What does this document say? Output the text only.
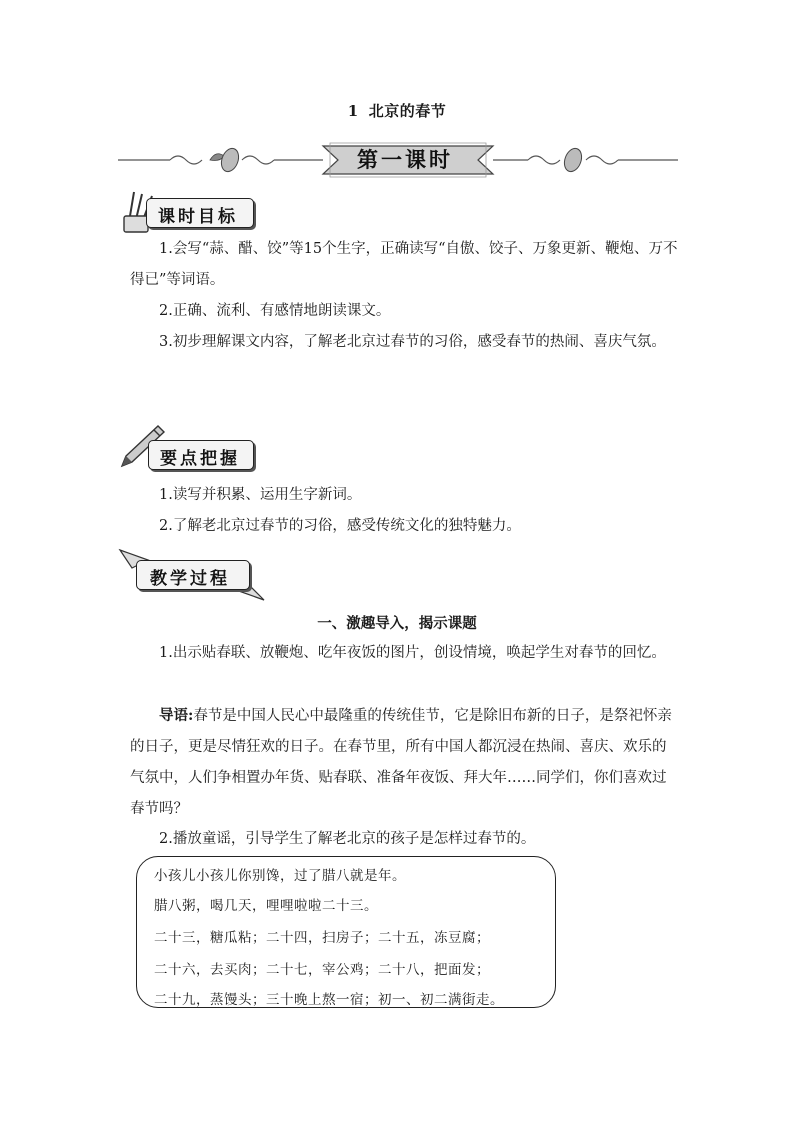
1 北京的春节
第一课时
课时目标

1.会写“蒜、醋、饺”等15个生字，正确读写“自傲、饺子、万象更新、鞭炮、万不得已”等词语。

2.正确、流利、有感情地朗读课文。

3.初步理解课文内容，了解老北京过春节的习俗，感受春节的热闹、喜庆气氛。

要点把握

1.读写并积累、运用生字新词。

2.了解老北京过春节的习俗，感受传统文化的独特魅力。

教学过程
一、激趣导入，揭示课题

1.出示贴春联、放鞭炮、吃年夜饭的图片，创设情境，唤起学生对春节的回忆。

导语:春节是中国人民心中最隆重的传统佳节，它是除旧布新的日子，是祭祀怀亲的日子，更是尽情狂欢的日子。在春节里，所有中国人都沉浸在热闹、喜庆、欢乐的气氛中，人们争相置办年货、贴春联、准备年夜饭、拜大年……同学们，你们喜欢过春节吗？

2.播放童谣，引导学生了解老北京的孩子是怎样过春节的。

小孩儿小孩儿你别馋，过了腊八就是年。
腊八粥，喝几天，哩哩啦啦二十三。
二十三，糖瓜粘；二十四，扫房子；二十五，冻豆腐；
二十六，去买肉；二十七，宰公鸡；二十八，把面发；
二十九，蒸馒头；三十晚上熬一宿；初一、初二满街走。
